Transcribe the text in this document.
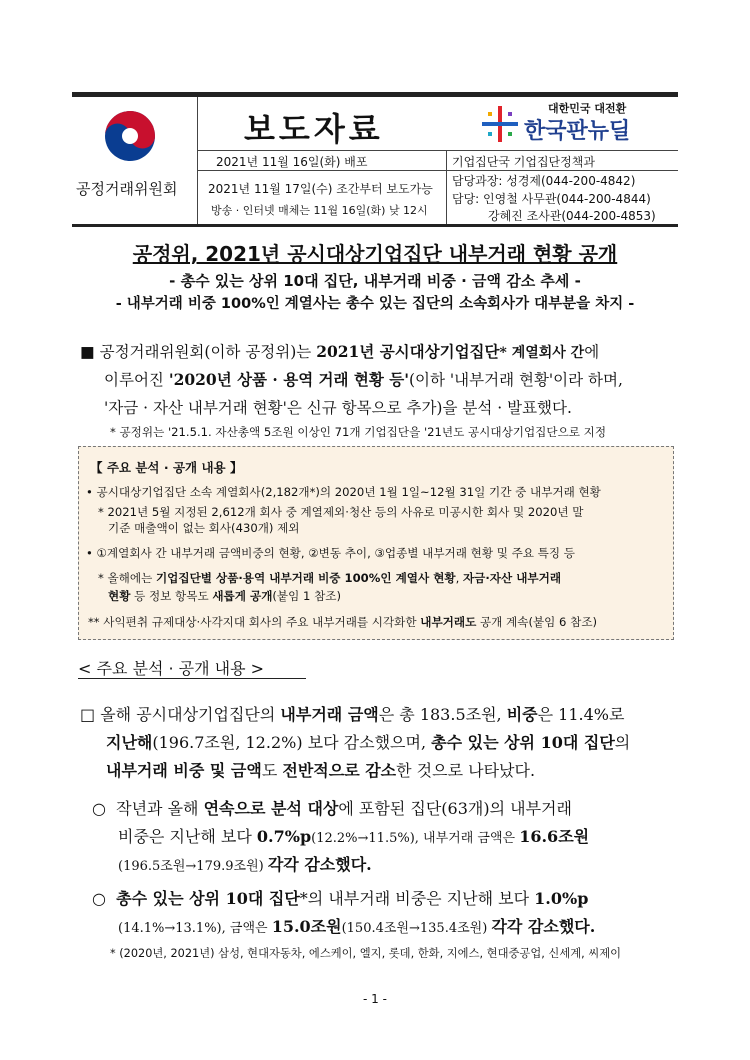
공정거래위원회
보도자료
대한민국 대전환
한국판뉴딜
2021년 11월 16일(화) 배포
2021년 11월 17일(수) 조간부터 보도가능
방송 · 인터넷 매체는 11월 16일(화) 낮 12시
기업집단국 기업집단정책과
담당과장: 성경제(044-200-4842)
담당: 인영철 사무관(044-200-4844)
강혜진 조사관(044-200-4853)
공정위, 2021년 공시대상기업집단 내부거래 현황 공개
- 총수 있는 상위 10대 집단, 내부거래 비중 · 금액 감소 추세 -
- 내부거래 비중 100%인 계열사는 총수 있는 집단의 소속회사가 대부분을 차지 -
■ 공정거래위원회(이하 공정위)는 2021년 공시대상기업집단* 계열회사 간에
이루어진 '2020년 상품 · 용역 거래 현황 등'(이하 '내부거래 현황'이라 하며,
'자금 · 자산 내부거래 현황'은 신규 항목으로 추가)을 분석 · 발표했다.
* 공정위는 '21.5.1. 자산총액 5조원 이상인 71개 기업집단을 '21년도 공시대상기업집단으로 지정
【 주요 분석 · 공개 내용 】
• 공시대상기업집단 소속 계열회사(2,182개*)의 2020년 1월 1일~12월 31일 기간 중 내부거래 현황
* 2021년 5월 지정된 2,612개 회사 중 계열제외·청산 등의 사유로 미공시한 회사 및 2020년 말
기준 매출액이 없는 회사(430개) 제외
• ①계열회사 간 내부거래 금액비중의 현황, ②변동 추이, ③업종별 내부거래 현황 및 주요 특징 등
* 올해에는 기업집단별 상품·용역 내부거래 비중 100%인 계열사 현황, 자금·자산 내부거래
현황 등 정보 항목도 새롭게 공개(붙임 1 참조)
** 사익편취 규제대상·사각지대 회사의 주요 내부거래를 시각화한 내부거래도 공개 계속(붙임 6 참조)
< 주요 분석 · 공개 내용 >
□ 올해 공시대상기업집단의 내부거래 금액은 총 183.5조원, 비중은 11.4%로
지난해(196.7조원, 12.2%) 보다 감소했으며, 총수 있는 상위 10대 집단의
내부거래 비중 및 금액도 전반적으로 감소한 것으로 나타났다.
○ 작년과 올해 연속으로 분석 대상에 포함된 집단(63개)의 내부거래
비중은 지난해 보다 0.7%p(12.2%→11.5%), 내부거래 금액은 16.6조원
(196.5조원→179.9조원) 각각 감소했다.
○ 총수 있는 상위 10대 집단*의 내부거래 비중은 지난해 보다 1.0%p
(14.1%→13.1%), 금액은 15.0조원(150.4조원→135.4조원) 각각 감소했다.
* (2020년, 2021년) 삼성, 현대자동차, 에스케이, 엘지, 롯데, 한화, 지에스, 현대중공업, 신세계, 씨제이
- 1 -
